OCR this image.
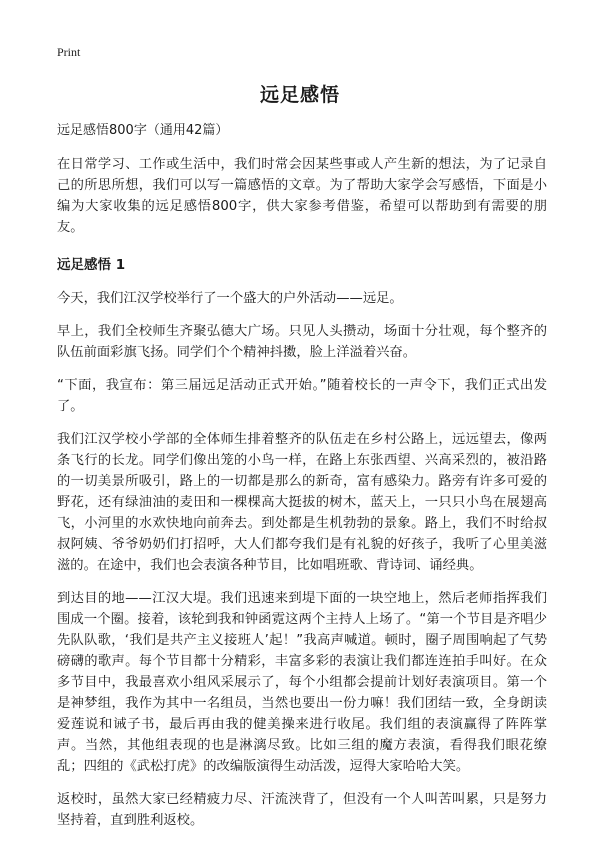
Print
远足感悟
远足感悟800字（通用42篇）

在日常学习、工作或生活中，我们时常会因某些事或人产生新的想法，为了记录自己的所思所想，我们可以写一篇感悟的文章。为了帮助大家学会写感悟，下面是小编为大家收集的远足感悟800字，供大家参考借鉴，希望可以帮助到有需要的朋友。

远足感悟 1

今天，我们江汉学校举行了一个盛大的户外活动——远足。

早上，我们全校师生齐聚弘德大广场。只见人头攒动，场面十分壮观，每个整齐的队伍前面彩旗飞扬。同学们个个精神抖擞，脸上洋溢着兴奋。

“下面，我宣布：第三届远足活动正式开始。”随着校长的一声令下，我们正式出发了。

我们江汉学校小学部的全体师生排着整齐的队伍走在乡村公路上，远远望去，像两条飞行的长龙。同学们像出笼的小鸟一样，在路上东张西望、兴高采烈的，被沿路的一切美景所吸引，路上的一切都是那么的新奇，富有感染力。路旁有许多可爱的野花，还有绿油油的麦田和一棵棵高大挺拔的树木，蓝天上，一只只小鸟在展翅高飞，小河里的水欢快地向前奔去。到处都是生机勃勃的景象。路上，我们不时给叔叔阿姨、爷爷奶奶们打招呼，大人们都夸我们是有礼貌的好孩子，我听了心里美滋滋的。在途中，我们也会表演各种节目，比如唱班歌、背诗词、诵经典。

到达目的地——江汉大堤。我们迅速来到堤下面的一块空地上，然后老师指挥我们围成一个圈。接着，该轮到我和钟函霓这两个主持人上场了。“第一个节目是齐唱少先队队歌，‘我们是共产主义接班人’起！”我高声喊道。顿时，圈子周围响起了气势磅礴的歌声。每个节目都十分精彩，丰富多彩的表演让我们都连连拍手叫好。在众多节目中，我最喜欢小组风采展示了，每个小组都会提前计划好表演项目。第一个是神梦组，我作为其中一名组员，当然也要出一份力嘛！我们团结一致，全身朗读爱莲说和诫子书，最后再由我的健美操来进行收尾。我们组的表演赢得了阵阵掌声。当然，其他组表现的也是淋漓尽致。比如三组的魔方表演，看得我们眼花缭乱；四组的《武松打虎》的改编版演得生动活泼，逗得大家哈哈大笑。

返校时，虽然大家已经精疲力尽、汗流浃背了，但没有一个人叫苦叫累，只是努力坚持着，直到胜利返校。
